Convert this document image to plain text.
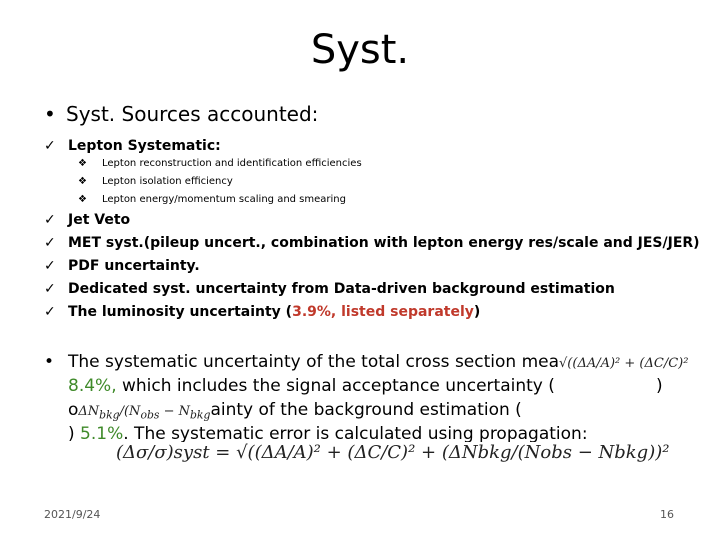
Syst.
• Syst. Sources accounted:
✓ Lepton Systematic:
❖ Lepton reconstruction and identification efficiencies
❖ Lepton isolation efficiency
❖ Lepton energy/momentum scaling and smearing
✓ Jet Veto
✓ MET syst.(pileup uncert., combination with lepton energy res/scale and JES/JER)
✓ PDF uncertainty.
✓ Dedicated syst. uncertainty from Data-driven background estimation
✓ The luminosity uncertainty (3.9%, listed separately)
• The systematic uncertainty of the total cross section mea√((ΔA/A)² + (ΔC/C)²
8.4%, which includes the signal acceptance uncertainty (	)
$o\Delta N_{bkg}/(N_{obs}$ − $N_{bkg}ainty$ of the background estimation (
) 5.1%. The systematic error is calculated using propagation:
(Δσ/σ)syst = √((ΔA/A)² + (ΔC/C)² + (ΔNbkg/(Nobs − Nbkg))²
2021/9/24	16
